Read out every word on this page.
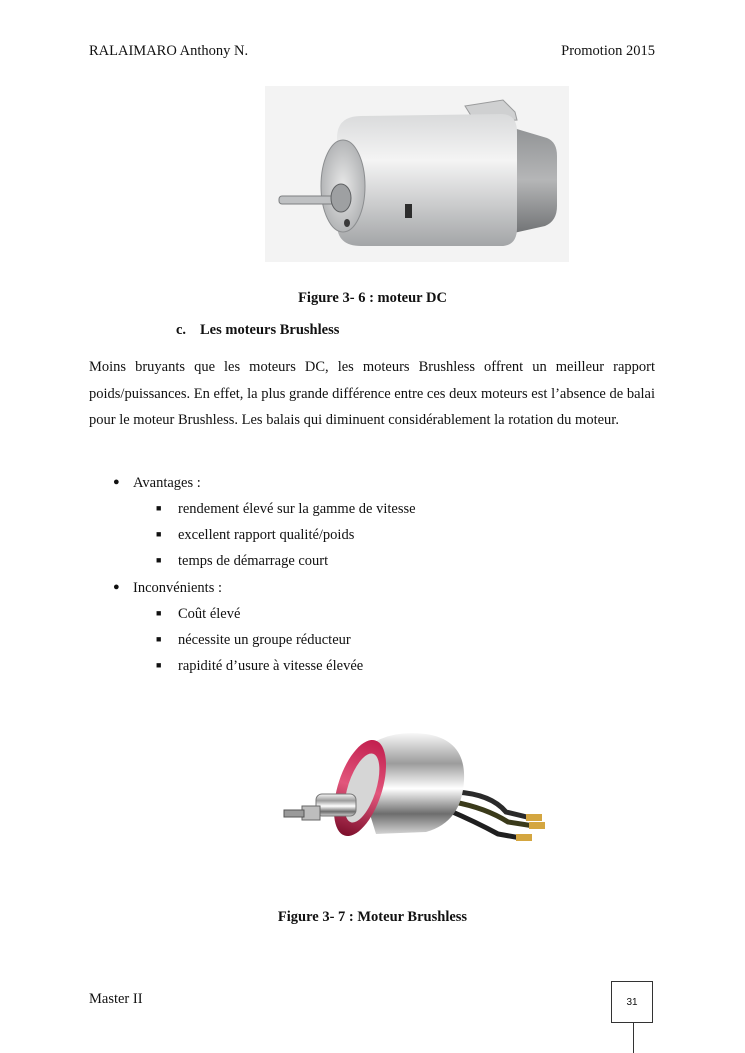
RALAIMARO Anthony N.	Promotion 2015
Figure 3- 6 : moteur DC
c. Les moteurs Brushless

Moins bruyants que les moteurs DC, les moteurs Brushless offrent un meilleur rapport poids/puissances. En effet, la plus grande différence entre ces deux moteurs est l’absence de balai pour le moteur Brushless. Les balais qui diminuent considérablement la rotation du moteur.

● Avantages :
■ rendement élevé sur la gamme de vitesse
■ excellent rapport qualité/poids
■ temps de démarrage court
● Inconvénients :
■ Coût élevé
■ nécessite un groupe réducteur
■ rapidité d’usure à vitesse élevée
Figure 3- 7 : Moteur Brushless
Master II	31
